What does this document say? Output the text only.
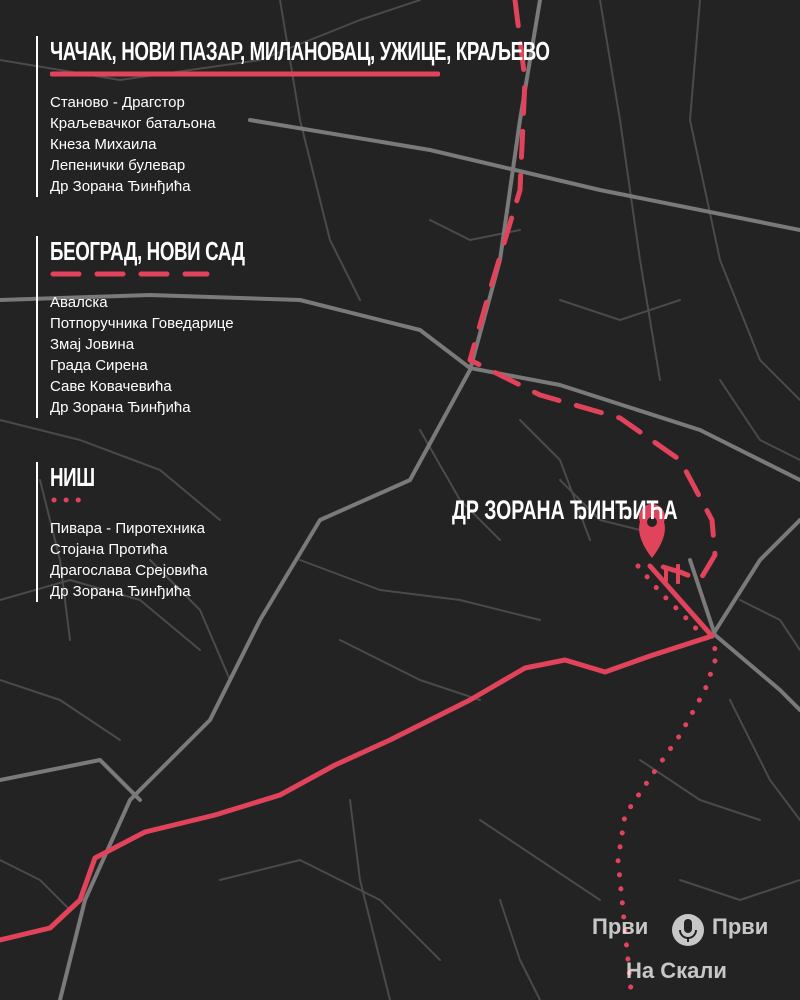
ЧАЧАК, НОВИ ПАЗАР, МИЛАНОВАЦ, УЖИЦЕ, КРАЉЕВО
Станово - Драгстор
Краљевачког батаљона
Кнеза Михаила
Лепенички булевар
Др Зорана Ђинђића
БЕОГРАД, НОВИ САД
Авалска
Потпоручника Говедарице
Змај Јовина
Града Сирена
Саве Ковачевића
Др Зорана Ђинђића
НИШ
Пивара - Пиротехника
Стојана Протића
Драгослава Срејовића
Др Зорана Ђинђића
ДР ЗОРАНА ЂИНЂИЋА
Први	Први
На Скали
